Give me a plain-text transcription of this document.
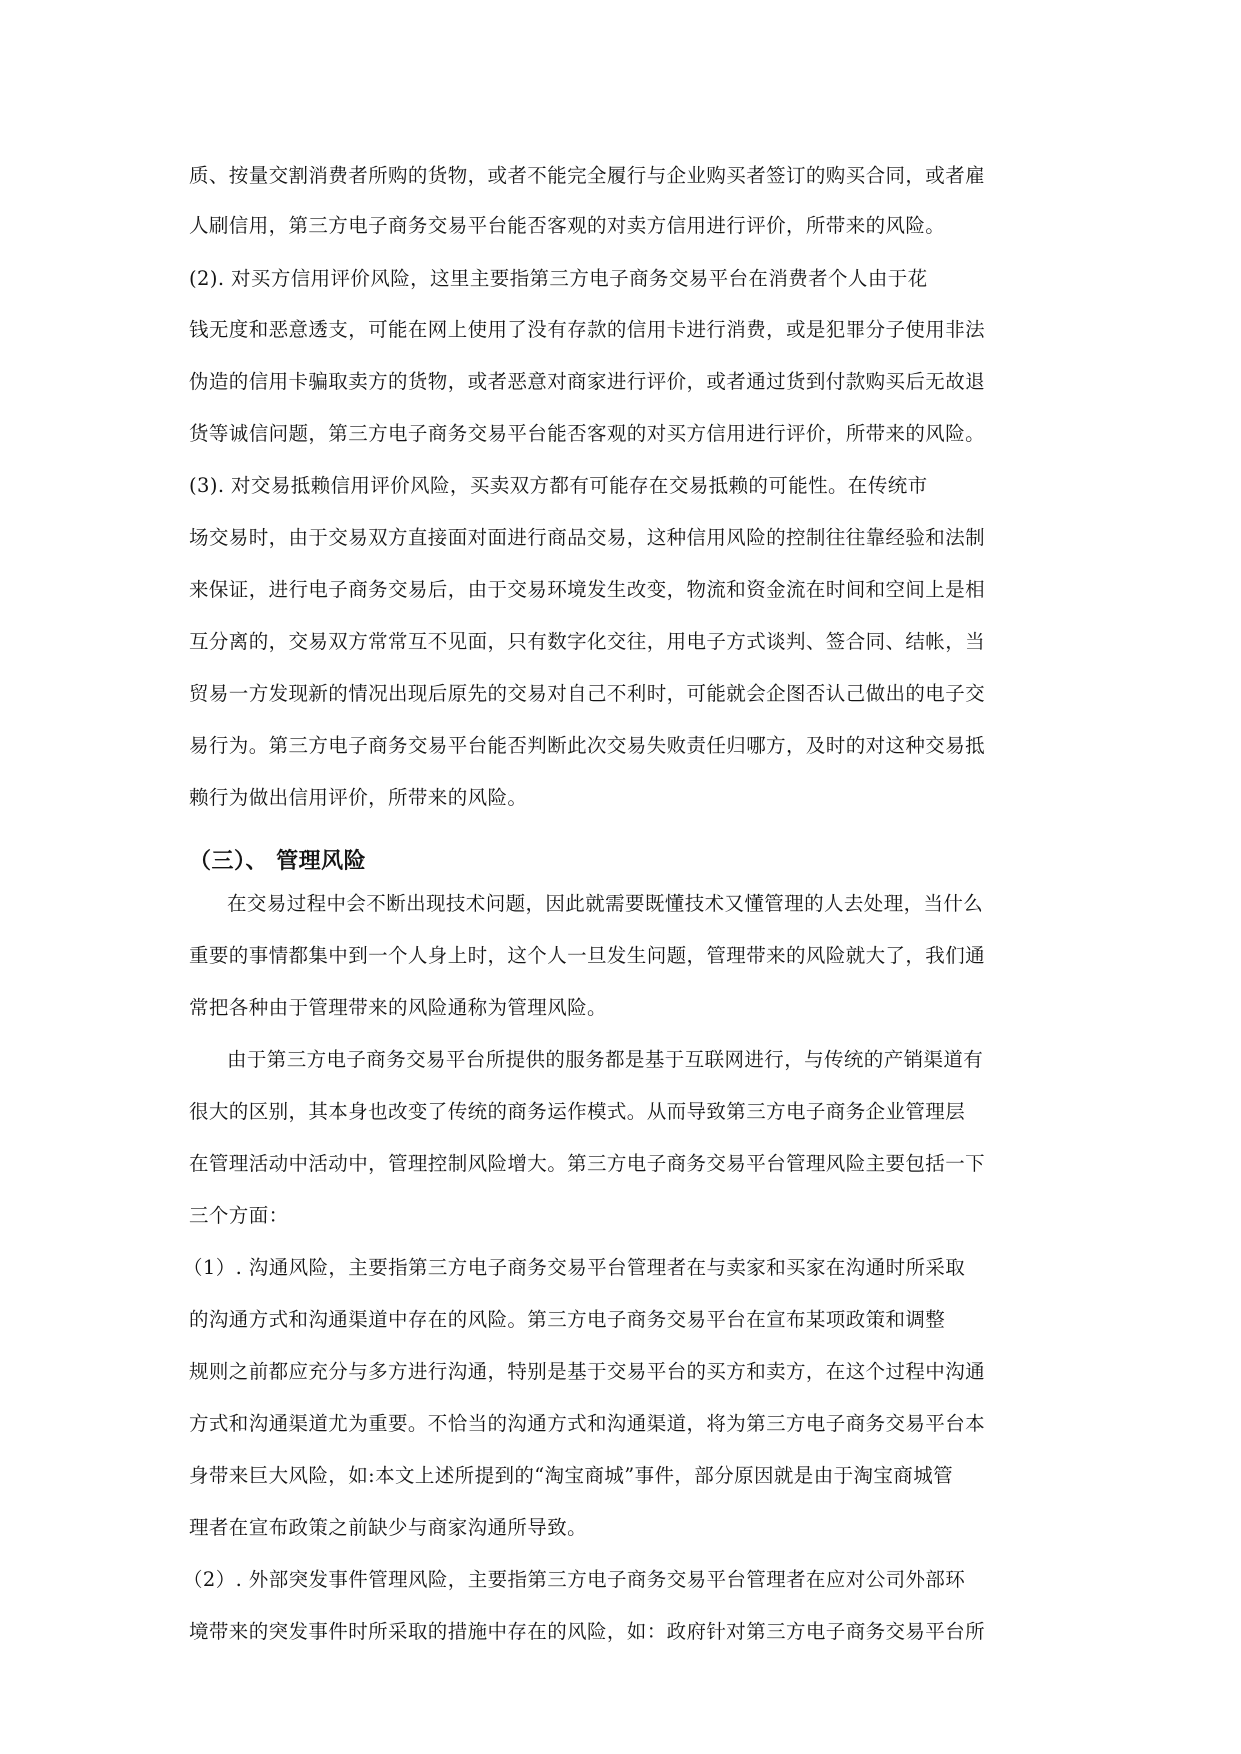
质、按量交割消费者所购的货物，或者不能完全履行与企业购买者签订的购买合同，或者雇
人刷信用，第三方电子商务交易平台能否客观的对卖方信用进行评价，所带来的风险。
(2). 对买方信用评价风险，这里主要指第三方电子商务交易平台在消费者个人由于花
钱无度和恶意透支，可能在网上使用了没有存款的信用卡进行消费，或是犯罪分子使用非法
伪造的信用卡骗取卖方的货物，或者恶意对商家进行评价，或者通过货到付款购买后无故退
货等诚信问题，第三方电子商务交易平台能否客观的对买方信用进行评价，所带来的风险。
(3). 对交易抵赖信用评价风险，买卖双方都有可能存在交易抵赖的可能性。在传统市
场交易时，由于交易双方直接面对面进行商品交易，这种信用风险的控制往往靠经验和法制
来保证，进行电子商务交易后，由于交易环境发生改变，物流和资金流在时间和空间上是相
互分离的，交易双方常常互不见面，只有数字化交往，用电子方式谈判、签合同、结帐，当
贸易一方发现新的情况出现后原先的交易对自己不利时，可能就会企图否认己做出的电子交
易行为。第三方电子商务交易平台能否判断此次交易失败责任归哪方，及时的对这种交易抵
赖行为做出信用评价，所带来的风险。
（三）、 管理风险
在交易过程中会不断出现技术问题，因此就需要既懂技术又懂管理的人去处理，当什么
重要的事情都集中到一个人身上时，这个人一旦发生问题，管理带来的风险就大了，我们通
常把各种由于管理带来的风险通称为管理风险。
由于第三方电子商务交易平台所提供的服务都是基于互联网进行，与传统的产销渠道有
很大的区别，其本身也改变了传统的商务运作模式。从而导致第三方电子商务企业管理层
在管理活动中活动中，管理控制风险增大。第三方电子商务交易平台管理风险主要包括一下
三个方面：
（1）. 沟通风险，主要指第三方电子商务交易平台管理者在与卖家和买家在沟通时所采取
的沟通方式和沟通渠道中存在的风险。第三方电子商务交易平台在宣布某项政策和调整
规则之前都应充分与多方进行沟通，特别是基于交易平台的买方和卖方，在这个过程中沟通
方式和沟通渠道尤为重要。不恰当的沟通方式和沟通渠道，将为第三方电子商务交易平台本
身带来巨大风险，如:本文上述所提到的“淘宝商城”事件，部分原因就是由于淘宝商城管
理者在宣布政策之前缺少与商家沟通所导致。
（2）. 外部突发事件管理风险，主要指第三方电子商务交易平台管理者在应对公司外部环
境带来的突发事件时所采取的措施中存在的风险，如：政府针对第三方电子商务交易平台所
